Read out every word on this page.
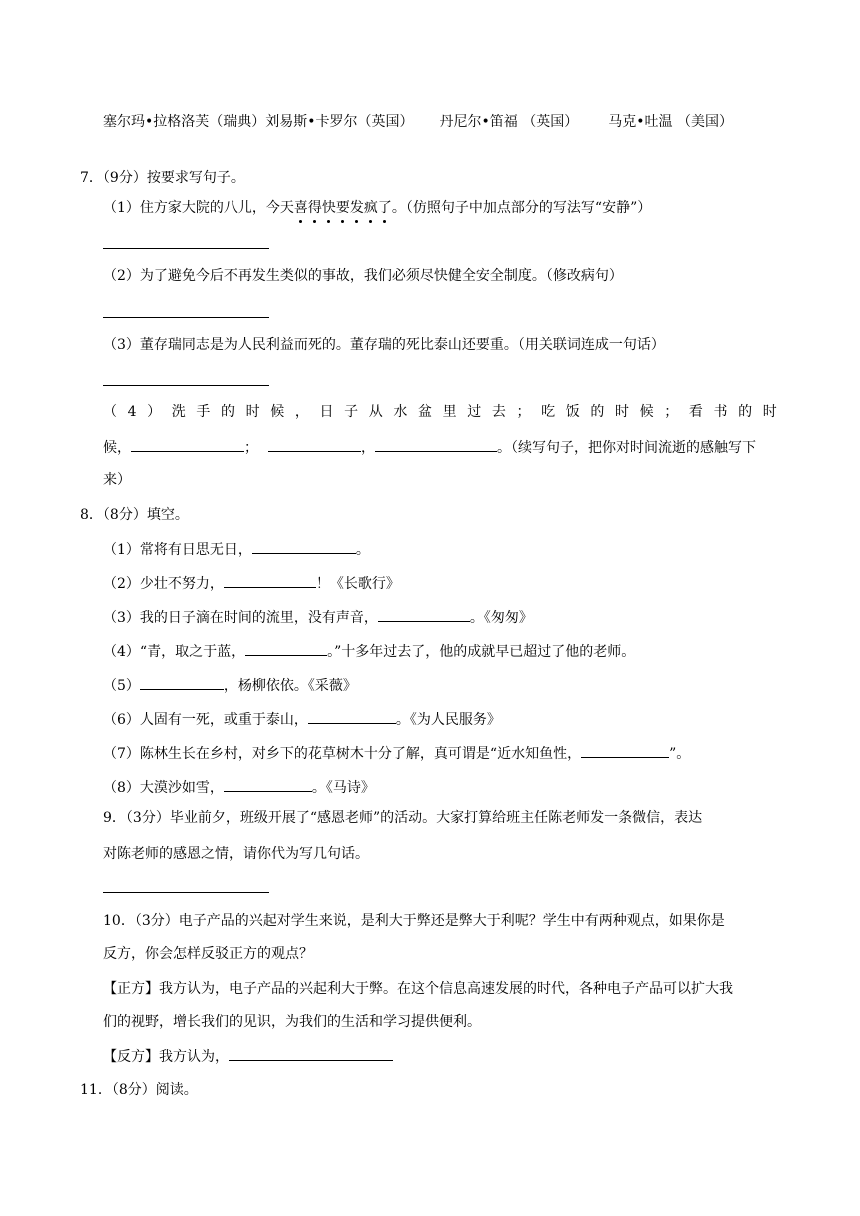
塞尔玛•拉格洛芙（瑞典）刘易斯•卡罗尔（英国） 丹尼尔•笛福 （英国） 马克•吐温 （美国）
7．（9分）按要求写句子。
（1）住方家大院的八儿，今天喜得快要发疯了。（仿照句子中加点部分的写法写“安静”）
（2）为了避免今后不再发生类似的事故，我们必须尽快健全安全制度。（修改病句）
（3）董存瑞同志是为人民利益而死的。董存瑞的死比泰山还要重。（用关联词连成一句话）
（ 4 ） 洗 手 的 时 候 ， 日 子 从 水 盆 里 过 去 ； 吃 饭 的 时 候 ； 看 书 的 时
候，	；	，	。（续写句子，把你对时间流逝的感触写下
来）
8．（8分）填空。
（1）常将有日思无日，	。
（2）少壮不努力，	！《长歌行》
（3）我的日子滴在时间的流里，没有声音，	。《匆匆》
（4）“青，取之于蓝，	。”十多年过去了，他的成就早已超过了他的老师。
（5）	，杨柳依依。《采薇》
（6）人固有一死，或重于泰山，	。《为人民服务》
（7）陈林生长在乡村，对乡下的花草树木十分了解，真可谓是“近水知鱼性，	”。
（8）大漠沙如雪，	。《马诗》
9．（3分）毕业前夕，班级开展了“感恩老师”的活动。大家打算给班主任陈老师发一条微信，表达
对陈老师的感恩之情，请你代为写几句话。
10．（3分）电子产品的兴起对学生来说，是利大于弊还是弊大于利呢？学生中有两种观点，如果你是
反方，你会怎样反驳正方的观点？
【正方】我方认为，电子产品的兴起利大于弊。在这个信息高速发展的时代，各种电子产品可以扩大我
们的视野，增长我们的见识，为我们的生活和学习提供便利。
【反方】我方认为，
11．（8分）阅读。
